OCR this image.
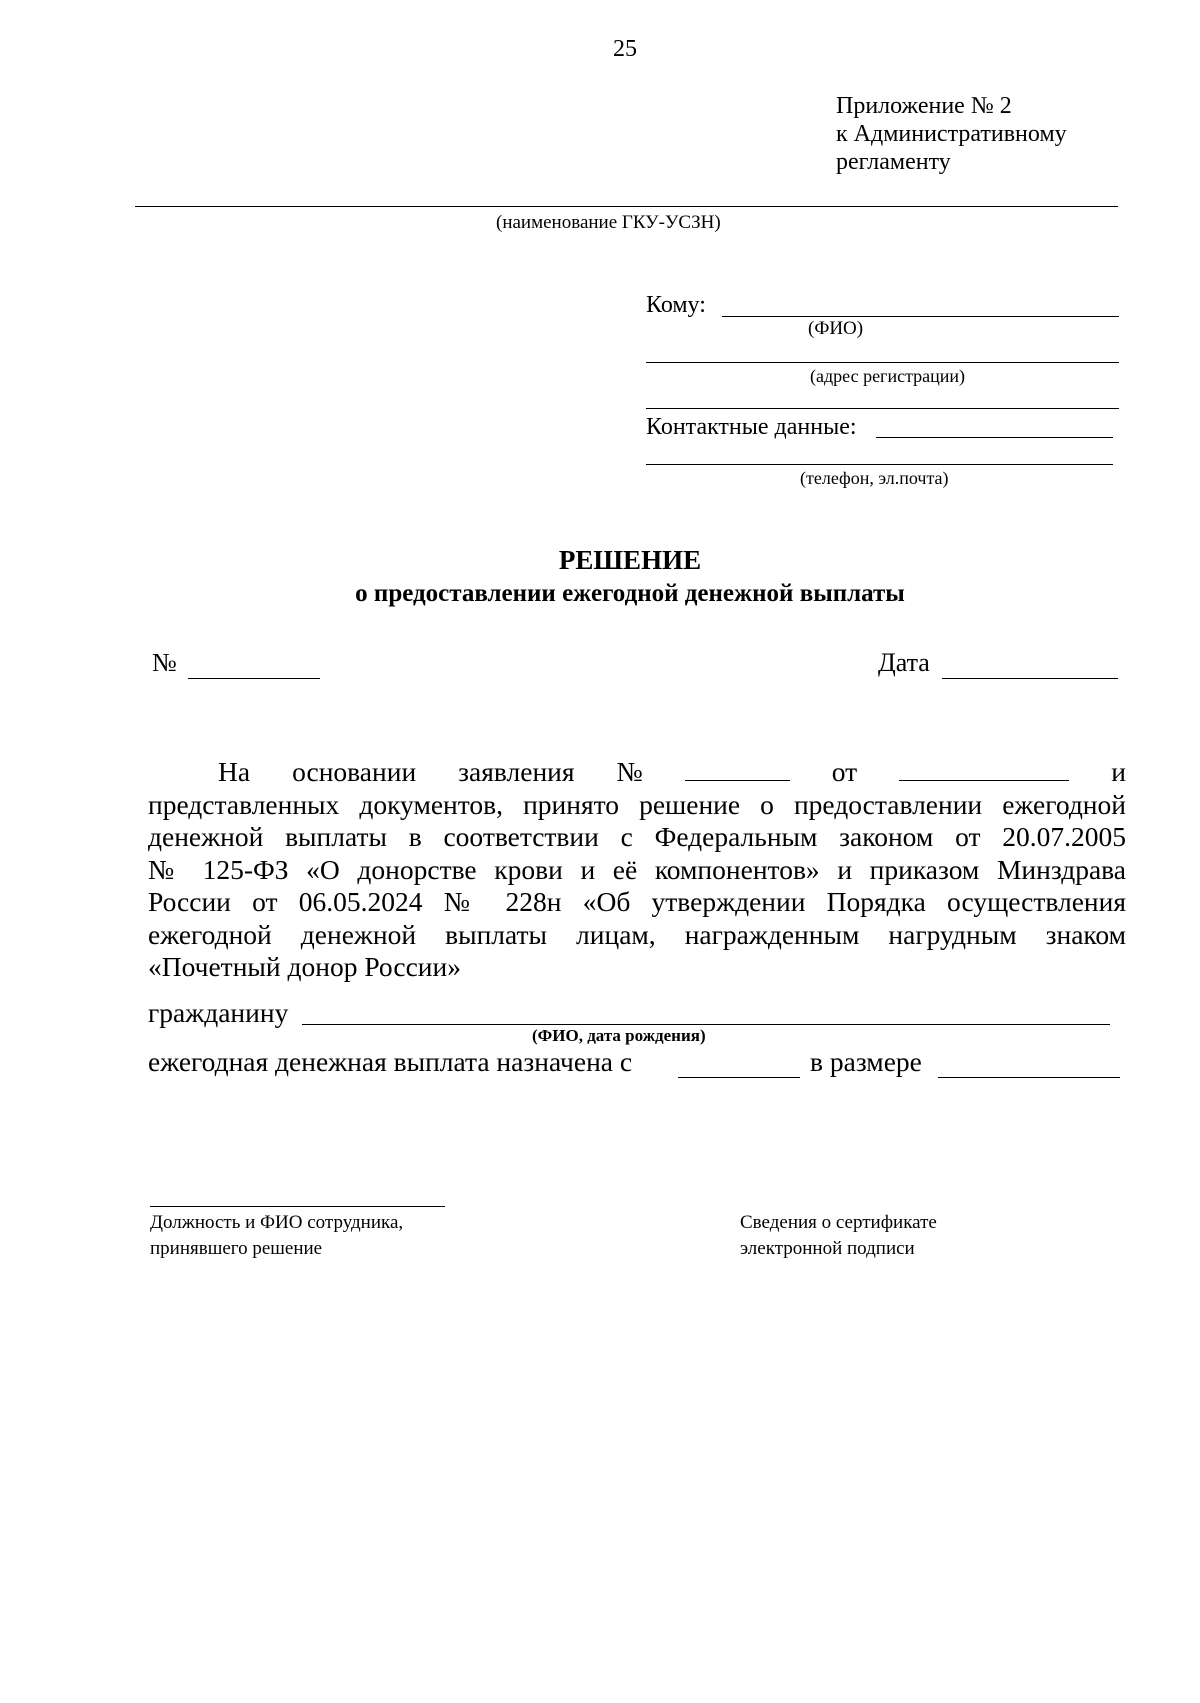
25
Приложение № 2
к Административному
регламенту
(наименование ГКУ-УСЗН)
Кому:
(ФИО)
(адрес регистрации)
Контактные данные:
(телефон, эл.почта)
РЕШЕНИЕ
о предоставлении ежегодной денежной выплаты
№	Дата
На основании заявления №	от	и
представленных документов, принято решение о предоставлении ежегодной
денежной выплаты в соответствии с Федеральным законом от 20.07.2005
№ 125-ФЗ «О донорстве крови и её компонентов» и приказом Минздрава
России от 06.05.2024 № 228н «Об утверждении Порядка осуществления
ежегодной денежной выплаты лицам, награжденным нагрудным знаком
«Почетный донор России»
гражданину
(ФИО, дата рождения)
ежегодная денежная выплата назначена с	в размере
Должность и ФИО сотрудника,
принявшего решение
Сведения о сертификате
электронной подписи
